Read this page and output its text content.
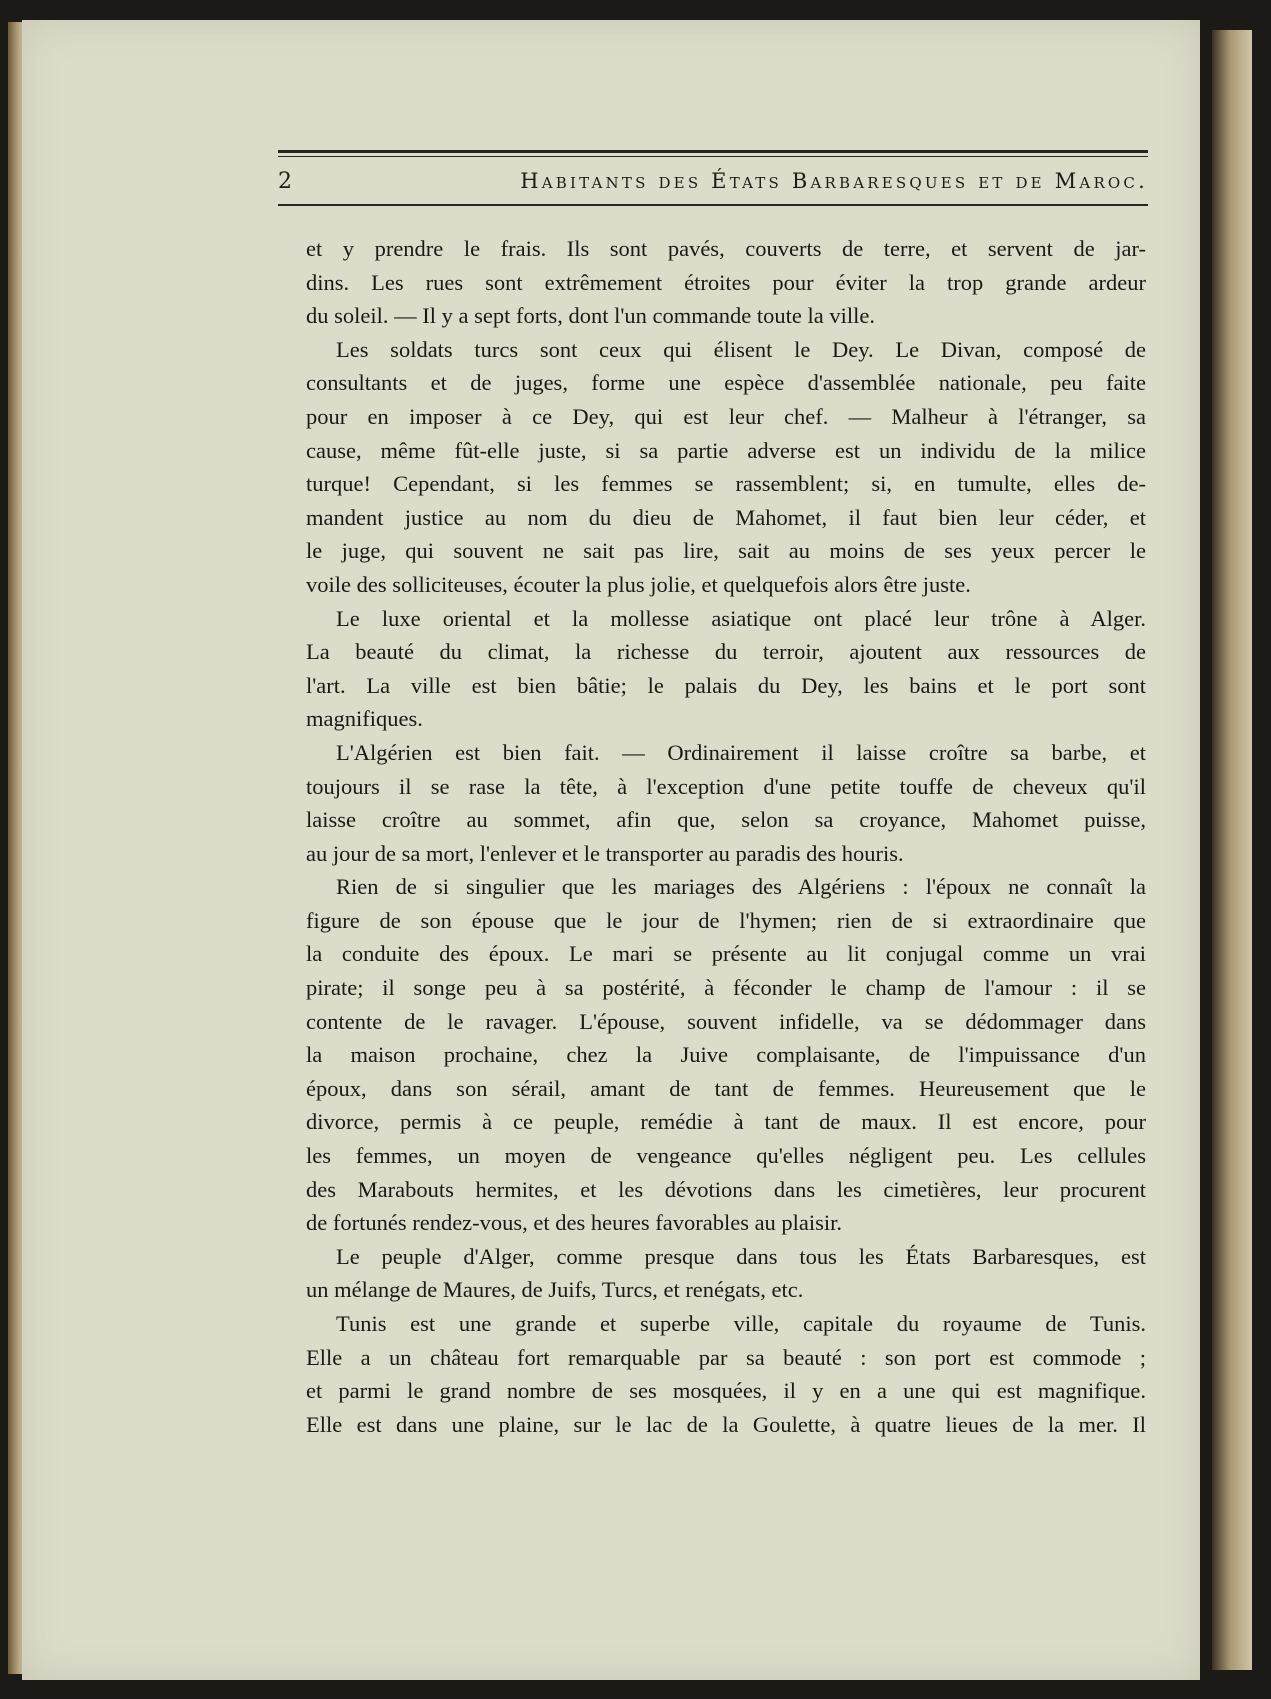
2	Habitants des États Barbaresques et de Maroc.
et y prendre le frais. Ils sont pavés, couverts de terre, et servent de jar-
dins. Les rues sont extrêmement étroites pour éviter la trop grande ardeur
du soleil. — Il y a sept forts, dont l'un commande toute la ville.
Les soldats turcs sont ceux qui élisent le Dey. Le Divan, composé de
consultants et de juges, forme une espèce d'assemblée nationale, peu faite
pour en imposer à ce Dey, qui est leur chef. — Malheur à l'étranger, sa
cause, même fût-elle juste, si sa partie adverse est un individu de la milice
turque! Cependant, si les femmes se rassemblent; si, en tumulte, elles de-
mandent justice au nom du dieu de Mahomet, il faut bien leur céder, et
le juge, qui souvent ne sait pas lire, sait au moins de ses yeux percer le
voile des solliciteuses, écouter la plus jolie, et quelquefois alors être juste.
Le luxe oriental et la mollesse asiatique ont placé leur trône à Alger.
La beauté du climat, la richesse du terroir, ajoutent aux ressources de
l'art. La ville est bien bâtie; le palais du Dey, les bains et le port sont
magnifiques.
L'Algérien est bien fait. — Ordinairement il laisse croître sa barbe, et
toujours il se rase la tête, à l'exception d'une petite touffe de cheveux qu'il
laisse croître au sommet, afin que, selon sa croyance, Mahomet puisse,
au jour de sa mort, l'enlever et le transporter au paradis des houris.
Rien de si singulier que les mariages des Algériens : l'époux ne connaît la
figure de son épouse que le jour de l'hymen; rien de si extraordinaire que
la conduite des époux. Le mari se présente au lit conjugal comme un vrai
pirate; il songe peu à sa postérité, à féconder le champ de l'amour : il se
contente de le ravager. L'épouse, souvent infidelle, va se dédommager dans
la maison prochaine, chez la Juive complaisante, de l'impuissance d'un
époux, dans son sérail, amant de tant de femmes. Heureusement que le
divorce, permis à ce peuple, remédie à tant de maux. Il est encore, pour
les femmes, un moyen de vengeance qu'elles négligent peu. Les cellules
des Marabouts hermites, et les dévotions dans les cimetières, leur procurent
de fortunés rendez-vous, et des heures favorables au plaisir.
Le peuple d'Alger, comme presque dans tous les États Barbaresques, est
un mélange de Maures, de Juifs, Turcs, et renégats, etc.
Tunis est une grande et superbe ville, capitale du royaume de Tunis.
Elle a un château fort remarquable par sa beauté : son port est commode ;
et parmi le grand nombre de ses mosquées, il y en a une qui est magnifique.
Elle est dans une plaine, sur le lac de la Goulette, à quatre lieues de la mer. Il
